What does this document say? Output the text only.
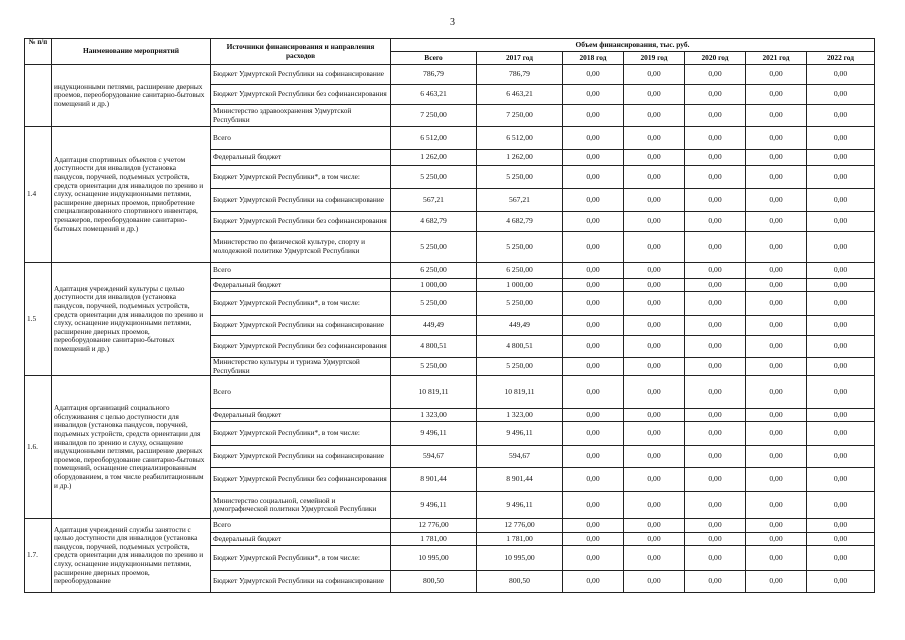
3
№ п/п	Наименование мероприятий	Источники финансирования и направления расходов	Объем финансирования, тыс. руб.						
			Всего	2017 год	2018 год	2019 год	2020 год	2021 год	2022 год
	индукционными петлями, расширение дверных проемов, переоборудование санитарно-бытовых помещений и др.)	Бюджет Удмуртской Республики на софинансирование	786,79	786,79	0,00	0,00	0,00	0,00	0,00
		Бюджет Удмуртской Республики без софинансирования	6 463,21	6 463,21	0,00	0,00	0,00	0,00	0,00
		Министерство здравоохранения Удмуртской Республики	7 250,00	7 250,00	0,00	0,00	0,00	0,00	0,00
1.4	Адаптация спортивных объектов с учетом доступности для инвалидов (установка пандусов, поручней, подъемных устройств, средств ориентации для инвалидов по зрению и слуху, оснащение индукционными петлями, расширение дверных проемов, приобретение специализированного спортивного инвентаря, тренажеров, переоборудование санитарно-бытовых помещений и др.)	Всего	6 512,00	6 512,00	0,00	0,00	0,00	0,00	0,00
		Федеральный бюджет	1 262,00	1 262,00	0,00	0,00	0,00	0,00	0,00
		Бюджет Удмуртской Республики*, в том числе:	5 250,00	5 250,00	0,00	0,00	0,00	0,00	0,00
		Бюджет Удмуртской Республики на софинансирование	567,21	567,21	0,00	0,00	0,00	0,00	0,00
		Бюджет Удмуртской Республики без софинансирования	4 682,79	4 682,79	0,00	0,00	0,00	0,00	0,00
		Министерство по физической культуре, спорту и молодежной политике Удмуртской Республики	5 250,00	5 250,00	0,00	0,00	0,00	0,00	0,00
1.5	Адаптация учреждений культуры с целью доступности для инвалидов (установка пандусов, поручней, подъемных устройств, средств ориентации для инвалидов по зрению и слуху, оснащение индукционными петлями, расширение дверных проемов, переоборудование санитарно-бытовых помещений и др.)	Всего	6 250,00	6 250,00	0,00	0,00	0,00	0,00	0,00
		Федеральный бюджет	1 000,00	1 000,00	0,00	0,00	0,00	0,00	0,00
		Бюджет Удмуртской Республики*, в том числе:	5 250,00	5 250,00	0,00	0,00	0,00	0,00	0,00
		Бюджет Удмуртской Республики на софинансирование	449,49	449,49	0,00	0,00	0,00	0,00	0,00
		Бюджет Удмуртской Республики без софинансирования	4 800,51	4 800,51	0,00	0,00	0,00	0,00	0,00
		Министерство культуры и туризма Удмуртской Республики	5 250,00	5 250,00	0,00	0,00	0,00	0,00	0,00
1.6.	Адаптация организаций социального обслуживания с целью доступности для инвалидов (установка пандусов, поручней, подъемных устройств, средств ориентации для инвалидов по зрению и слуху, оснащение индукционными петлями, расширение дверных проемов, переоборудование санитарно-бытовых помещений, оснащение специализированным оборудованием, в том числе реабилитационным и др.)	Всего	10 819,11	10 819,11	0,00	0,00	0,00	0,00	0,00
		Федеральный бюджет	1 323,00	1 323,00	0,00	0,00	0,00	0,00	0,00
		Бюджет Удмуртской Республики*, в том числе:	9 496,11	9 496,11	0,00	0,00	0,00	0,00	0,00
		Бюджет Удмуртской Республики на софинансирование	594,67	594,67	0,00	0,00	0,00	0,00	0,00
		Бюджет Удмуртской Республики без софинансирования	8 901,44	8 901,44	0,00	0,00	0,00	0,00	0,00
		Министерство социальной, семейной и демографической политики Удмуртской Республики	9 496,11	9 496,11	0,00	0,00	0,00	0,00	0,00
1.7.	Адаптация учреждений службы занятости с целью доступности для инвалидов (установка пандусов, поручней, подъемных устройств, средств ориентации для инвалидов по зрению и слуху, оснащение индукционными петлями, расширение дверных проемов, переоборудование	Всего	12 776,00	12 776,00	0,00	0,00	0,00	0,00	0,00
		Федеральный бюджет	1 781,00	1 781,00	0,00	0,00	0,00	0,00	0,00
		Бюджет Удмуртской Республики*, в том числе:	10 995,00	10 995,00	0,00	0,00	0,00	0,00	0,00
		Бюджет Удмуртской Республики на софинансирование	800,50	800,50	0,00	0,00	0,00	0,00	0,00
